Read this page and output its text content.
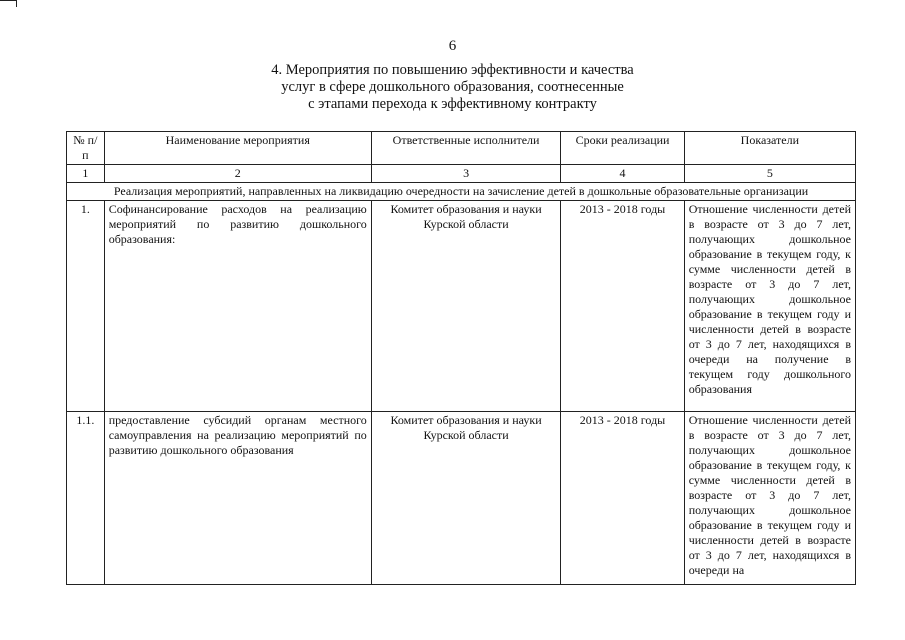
6
4. Мероприятия по повышению эффективности и качества
услуг в сфере дошкольного образования, соотнесенные
с этапами перехода к эффективному контракту
№ п/п	Наименование мероприятия	Ответственные исполнители	Сроки реализации	Показатели
1	2	3	4	5
Реализация мероприятий, направленных на ликвидацию очередности на зачисление детей в дошкольные образовательные организации				
1.	Софинансирование расходов на реализацию мероприятий по развитию дошкольного образования:	Комитет образования и науки Курской области	2013 - 2018 годы	Отношение численности детей в возрасте от 3 до 7 лет, получающих дошкольное образование в текущем году, к сумме численности детей в возрасте от 3 до 7 лет, получающих дошкольное образование в текущем году и численности детей в возрасте от 3 до 7 лет, находящихся в очереди на получение в текущем году дошкольного образования
1.1.	предоставление субсидий органам местного самоуправления на реализацию мероприятий по развитию дошкольного образования	Комитет образования и науки Курской области	2013 - 2018 годы	Отношение численности детей в возрасте от 3 до 7 лет, получающих дошкольное образование в текущем году, к сумме численности детей в возрасте от 3 до 7 лет, получающих дошкольное образование в текущем году и численности детей в возрасте от 3 до 7 лет, находящихся в очереди на
